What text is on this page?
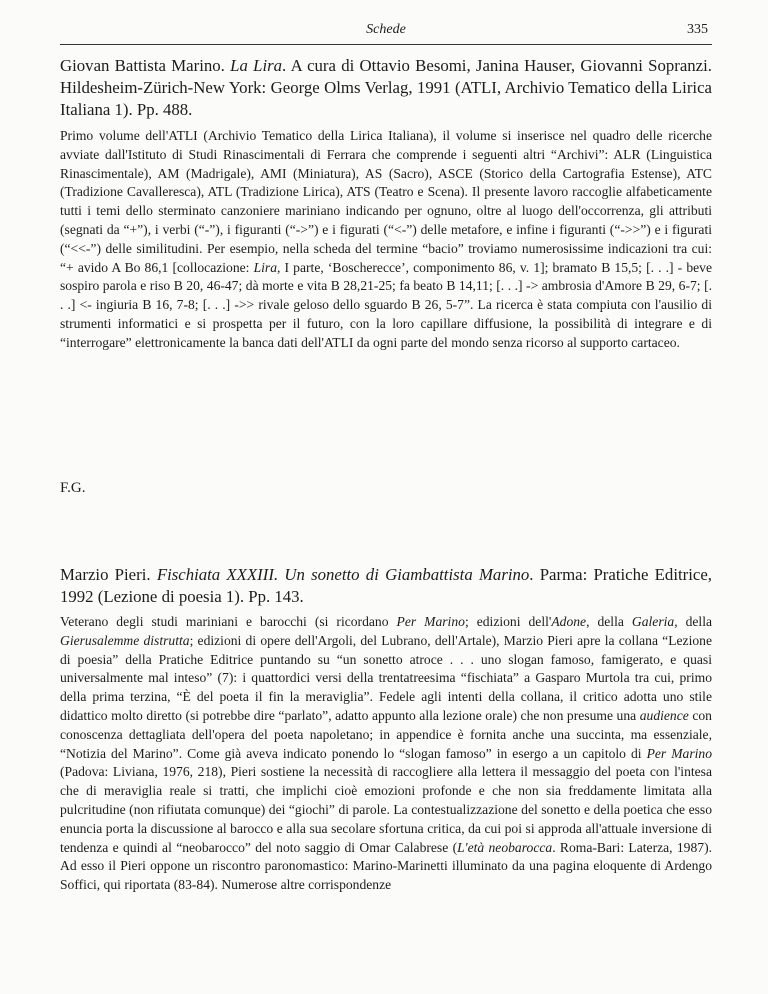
Schede	335
Giovan Battista Marino. La Lira. A cura di Ottavio Besomi, Janina Hauser, Giovanni Sopranzi. Hildesheim-Zürich-New York: George Olms Verlag, 1991 (ATLI, Archivio Tematico della Lirica Italiana 1). Pp. 488.
Primo volume dell'ATLI (Archivio Tematico della Lirica Italiana), il volume si inserisce nel quadro delle ricerche avviate dall'Istituto di Studi Rinascimentali di Ferrara che comprende i seguenti altri “Archivi”: ALR (Linguistica Rinascimentale), AM (Madrigale), AMI (Miniatura), AS (Sacro), ASCE (Storico della Cartografia Estense), ATC (Tradizione Cavalleresca), ATL (Tradizione Lirica), ATS (Teatro e Scena). Il presente lavoro raccoglie alfabeticamente tutti i temi dello sterminato canzoniere mariniano indicando per ognuno, oltre al luogo dell'occorrenza, gli attributi (segnati da “+”), i verbi (“-”), i figuranti (“->”) e i figurati (“<-”) delle metafore, e infine i figuranti (“->>”) e i figurati (“<<-”) delle similitudini. Per esempio, nella scheda del termine “bacio” troviamo numerosissime indicazioni tra cui: “+ avido A Bo 86,1 [collocazione: Lira, I parte, ‘Boscherecce’, componimento 86, v. 1]; bramato B 15,5; [. . .] - beve sospiro parola e riso B 20, 46-47; dà morte e vita B 28,21-25; fa beato B 14,11; [. . .] -> ambrosia d'Amore B 29, 6-7; [. . .] <- ingiuria B 16, 7-8; [. . .] ->> rivale geloso dello sguardo B 26, 5-7”. La ricerca è stata compiuta con l'ausilio di strumenti informatici e si prospetta per il futuro, con la loro capillare diffusione, la possibilità di integrare e di “interrogare” elettronicamente la banca dati dell'ATLI da ogni parte del mondo senza ricorso al supporto cartaceo.
F.G.
Marzio Pieri. Fischiata XXXIII. Un sonetto di Giambattista Marino. Parma: Pratiche Editrice, 1992 (Lezione di poesia 1). Pp. 143.
Veterano degli studi mariniani e barocchi (si ricordano Per Marino; edizioni dell'Adone, della Galeria, della Gierusalemme distrutta; edizioni di opere dell'Argoli, del Lubrano, dell'Artale), Marzio Pieri apre la collana “Lezione di poesia” della Pratiche Editrice puntando su “un sonetto atroce . . . uno slogan famoso, famigerato, e quasi universalmente mal inteso” (7): i quattordici versi della trentatreesima “fischiata” a Gasparo Murtola tra cui, primo della prima terzina, “È del poeta il fin la meraviglia”. Fedele agli intenti della collana, il critico adotta uno stile didattico molto diretto (si potrebbe dire “parlato”, adatto appunto alla lezione orale) che non presume una audience con conoscenza dettagliata dell'opera del poeta napoletano; in appendice è fornita anche una succinta, ma essenziale, “Notizia del Marino”. Come già aveva indicato ponendo lo “slogan famoso” in esergo a un capitolo di Per Marino (Padova: Liviana, 1976, 218), Pieri sostiene la necessità di raccogliere alla lettera il messaggio del poeta con l'intesa che di meraviglia reale si tratti, che implichi cioè emozioni profonde e che non sia freddamente limitata alla pulcritudine (non rifiutata comunque) dei “giochi” di parole. La contestualizzazione del sonetto e della poetica che esso enuncia porta la discussione al barocco e alla sua secolare sfortuna critica, da cui poi si approda all'attuale inversione di tendenza e quindi al “neobarocco” del noto saggio di Omar Calabrese (L'età neobarocca. Roma-Bari: Laterza, 1987). Ad esso il Pieri oppone un riscontro paronomastico: Marino-Marinetti illuminato da una pagina eloquente di Ardengo Soffici, qui riportata (83-84). Numerose altre corrispondenze
